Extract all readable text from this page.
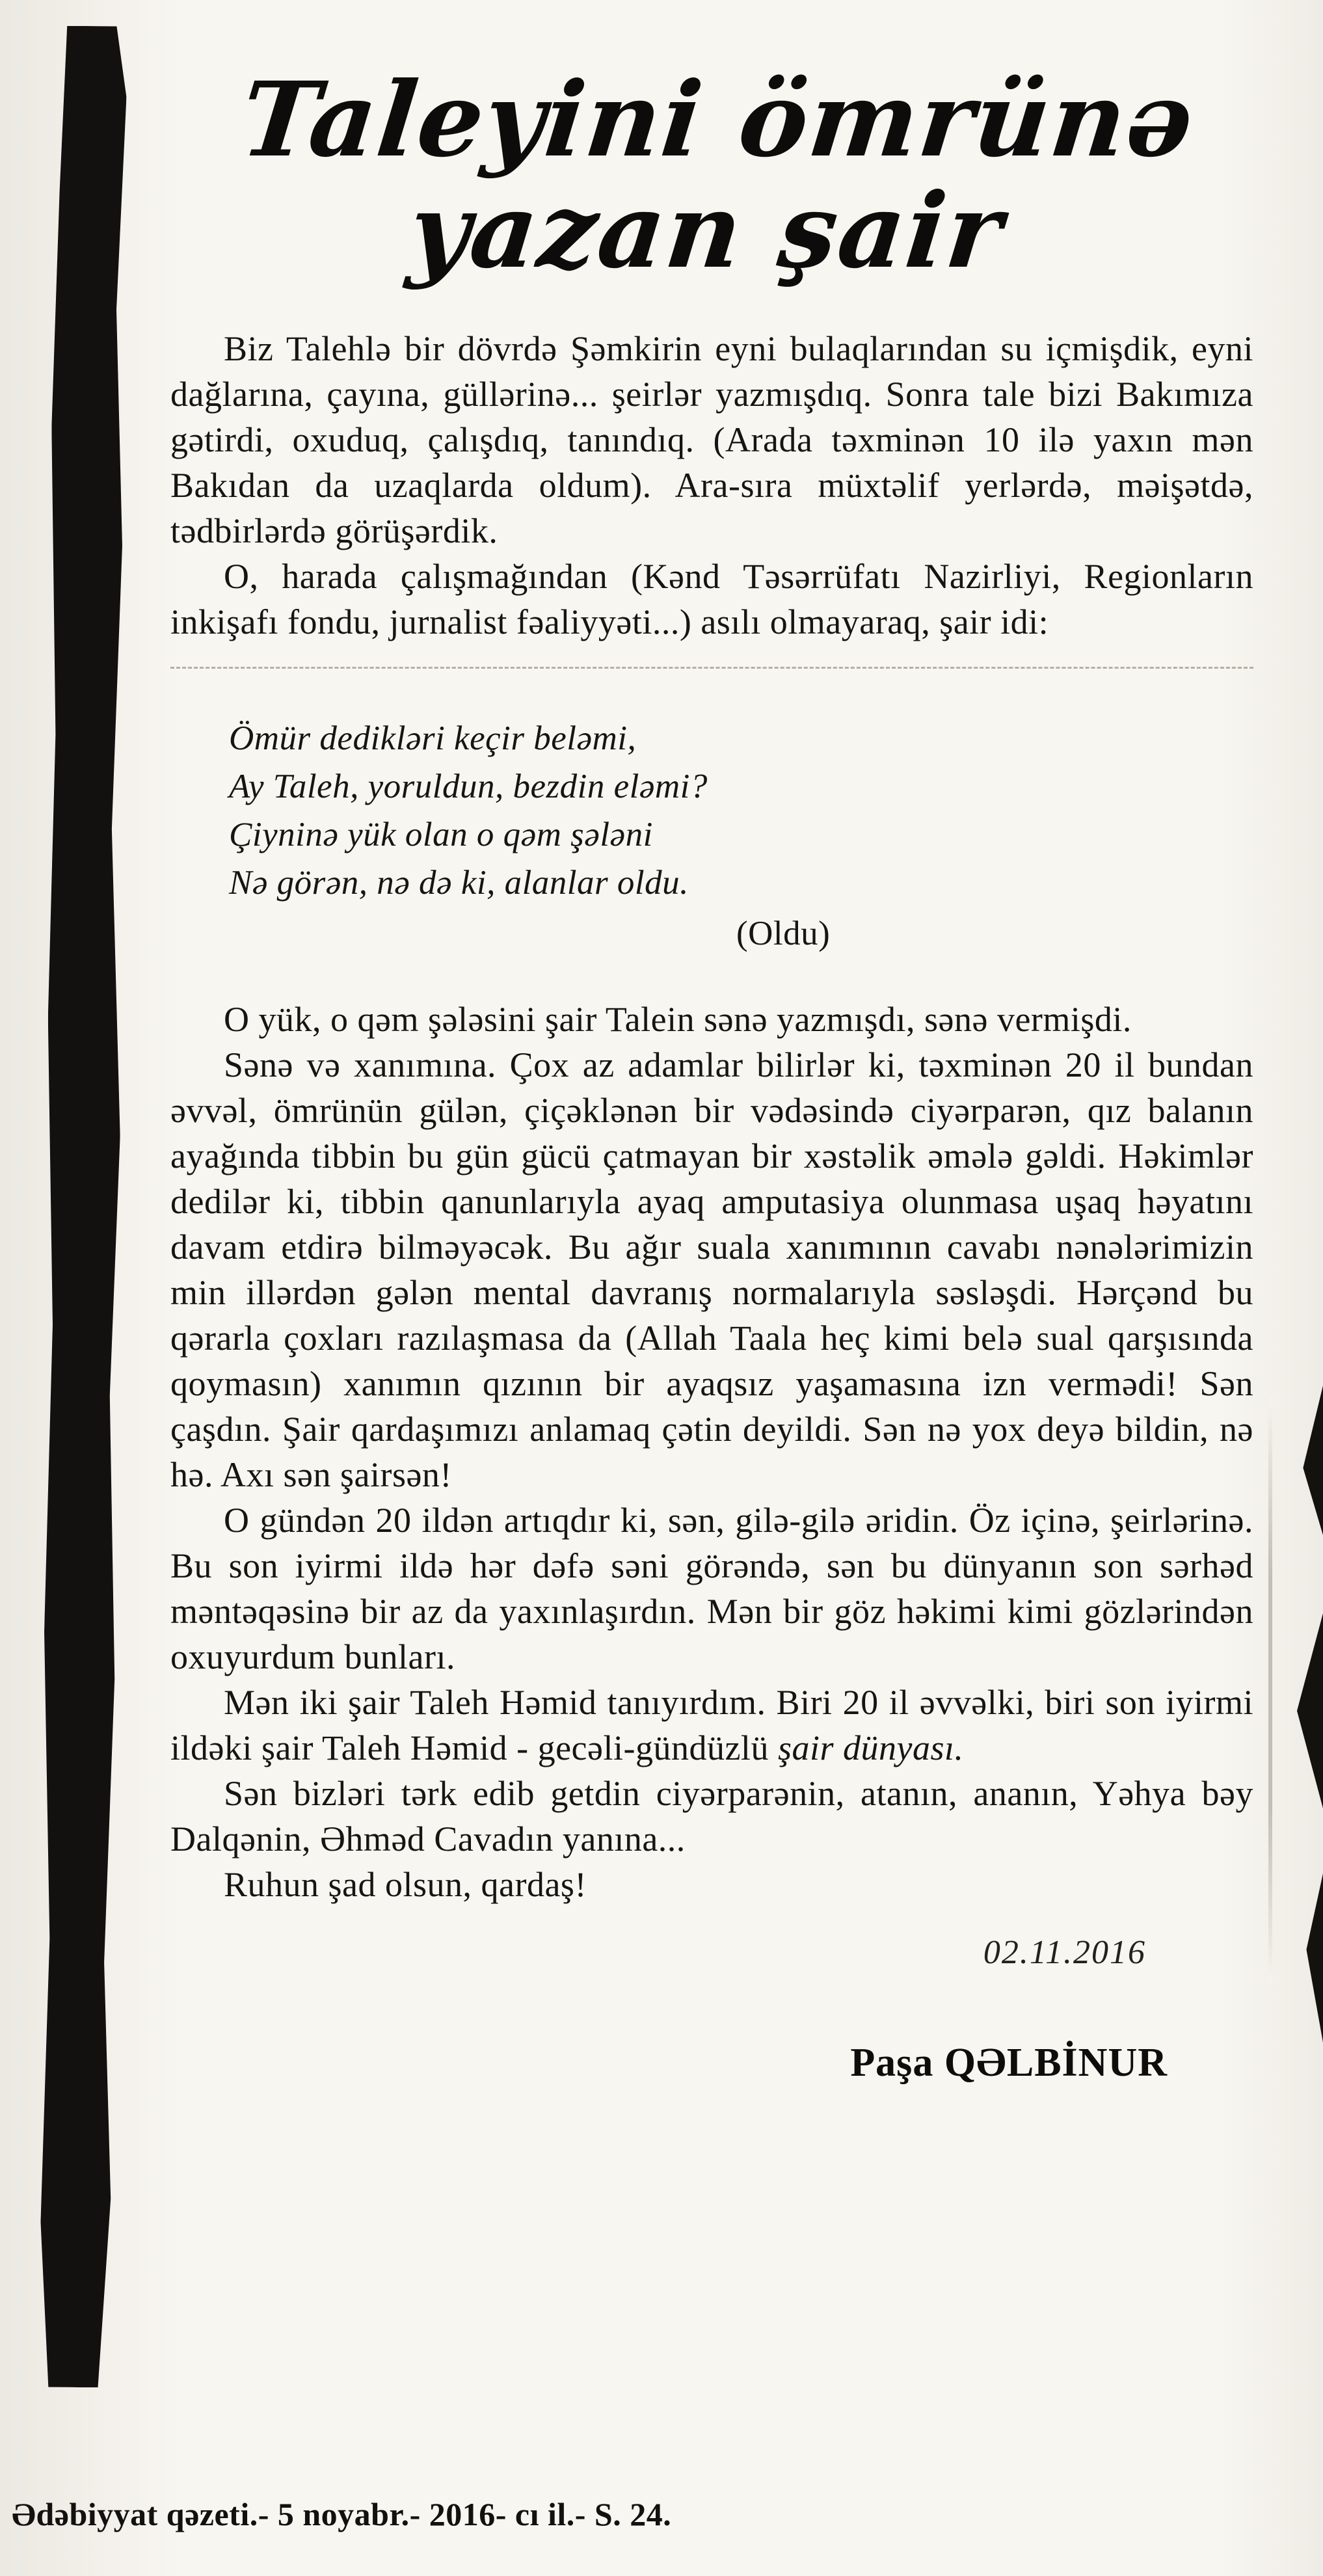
Taleyini ömrünə
yazan şair

Biz Talehlə bir dövrdə Şəmkirin eyni bulaqlarından su içmişdik, eyni dağlarına, çayına, güllərinə... şeirlər yazmışdıq. Sonra tale bizi Bakımıza gətirdi, oxuduq, çalışdıq, tanındıq. (Arada təxminən 10 ilə yaxın mən Bakıdan da uzaqlarda oldum). Ara-sıra müxtəlif yerlərdə, məişətdə, tədbirlərdə görüşərdik.

O, harada çalışmağından (Kənd Təsərrüfatı Nazirliyi, Regionların inkişafı fondu, jurnalist fəaliyyəti...) asılı olmayaraq, şair idi:

Ömür dedikləri keçir beləmi,
Ay Taleh, yoruldun, bezdin eləmi?
Çiyninə yük olan o qəm şələni
Nə görən, nə də ki, alanlar oldu.
(Oldu)

O yük, o qəm şələsini şair Talein sənə yazmışdı, sənə vermişdi.

Sənə və xanımına. Çox az adamlar bilirlər ki, təxminən 20 il bundan əvvəl, ömrünün gülən, çiçəklənən bir vədəsində ciyərparən, qız balanın ayağında tibbin bu gün gücü çatmayan bir xəstəlik əmələ gəldi. Həkimlər dedilər ki, tibbin qanunlarıyla ayaq amputasiya olunmasa uşaq həyatını davam etdirə bilməyəcək. Bu ağır suala xanımının cavabı nənələrimizin min illərdən gələn mental davranış normalarıyla səsləşdi. Hərçənd bu qərarla çoxları razılaşmasa da (Allah Taala heç kimi belə sual qarşısında qoymasın) xanımın qızının bir ayaqsız yaşamasına izn vermədi! Sən çaşdın. Şair qardaşımızı anlamaq çətin deyildi. Sən nə yox deyə bildin, nə hə. Axı sən şairsən!

O gündən 20 ildən artıqdır ki, sən, gilə-gilə əridin. Öz içinə, şeirlərinə. Bu son iyirmi ildə hər dəfə səni görəndə, sən bu dünyanın son sərhəd məntəqəsinə bir az da yaxınlaşırdın. Mən bir göz həkimi kimi gözlərindən oxuyurdum bunları.

Mən iki şair Taleh Həmid tanıyırdım. Biri 20 il əvvəlki, biri son iyirmi ildəki şair Taleh Həmid - gecəli-gündüzlü şair dünyası.

Sən bizləri tərk edib getdin ciyərparənin, atanın, ananın, Yəhya bəy Dalqənin, Əhməd Cavadın yanına...

Ruhun şad olsun, qardaş!

02.11.2016
Paşa QƏLBİNUR
Ədəbiyyat qəzeti.- 5 noyabr.- 2016- cı il.- S. 24.
